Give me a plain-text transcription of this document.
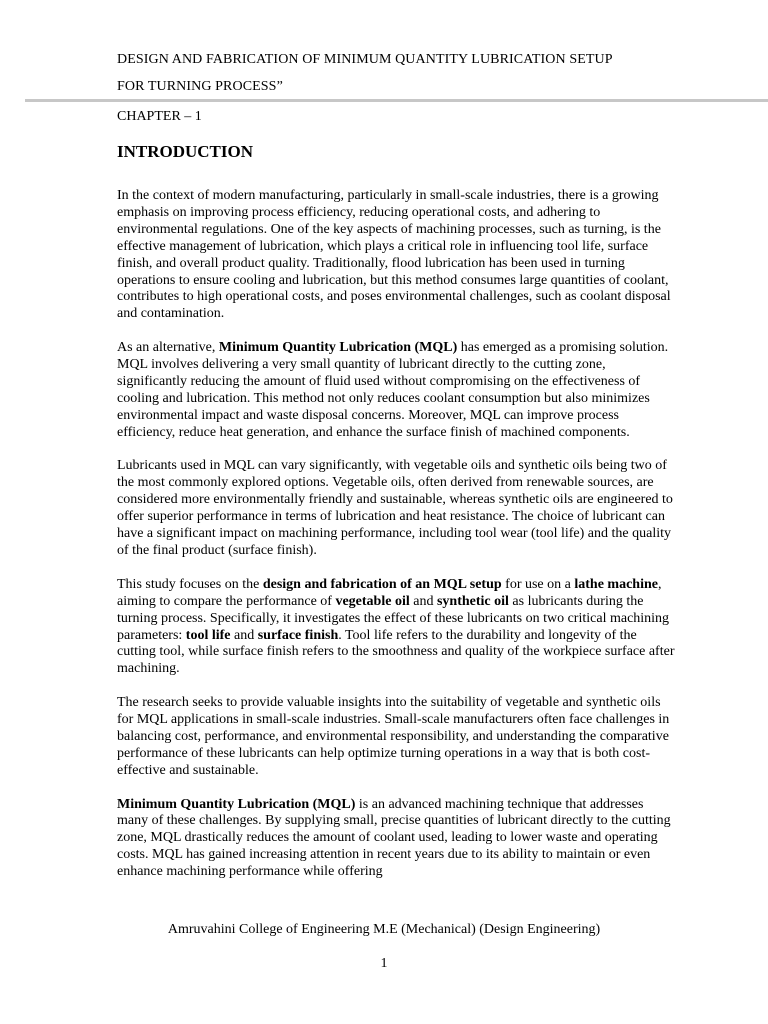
DESIGN AND FABRICATION OF MINIMUM QUANTITY LUBRICATION SETUP
FOR TURNING PROCESS”
CHAPTER – 1
INTRODUCTION

In the context of modern manufacturing, particularly in small-scale industries, there is a growing emphasis on improving process efficiency, reducing operational costs, and adhering to environmental regulations. One of the key aspects of machining processes, such as turning, is the effective management of lubrication, which plays a critical role in influencing tool life, surface finish, and overall product quality. Traditionally, flood lubrication has been used in turning operations to ensure cooling and lubrication, but this method consumes large quantities of coolant, contributes to high operational costs, and poses environmental challenges, such as coolant disposal and contamination.

As an alternative, Minimum Quantity Lubrication (MQL) has emerged as a promising solution. MQL involves delivering a very small quantity of lubricant directly to the cutting zone, significantly reducing the amount of fluid used without compromising on the effectiveness of cooling and lubrication. This method not only reduces coolant consumption but also minimizes environmental impact and waste disposal concerns. Moreover, MQL can improve process efficiency, reduce heat generation, and enhance the surface finish of machined components.

Lubricants used in MQL can vary significantly, with vegetable oils and synthetic oils being two of the most commonly explored options. Vegetable oils, often derived from renewable sources, are considered more environmentally friendly and sustainable, whereas synthetic oils are engineered to offer superior performance in terms of lubrication and heat resistance. The choice of lubricant can have a significant impact on machining performance, including tool wear (tool life) and the quality of the final product (surface finish).

This study focuses on the design and fabrication of an MQL setup for use on a lathe machine, aiming to compare the performance of vegetable oil and synthetic oil as lubricants during the turning process. Specifically, it investigates the effect of these lubricants on two critical machining parameters: tool life and surface finish. Tool life refers to the durability and longevity of the cutting tool, while surface finish refers to the smoothness and quality of the workpiece surface after machining.

The research seeks to provide valuable insights into the suitability of vegetable and synthetic oils for MQL applications in small-scale industries. Small-scale manufacturers often face challenges in balancing cost, performance, and environmental responsibility, and understanding the comparative performance of these lubricants can help optimize turning operations in a way that is both cost-effective and sustainable.

Minimum Quantity Lubrication (MQL) is an advanced machining technique that addresses many of these challenges. By supplying small, precise quantities of lubricant directly to the cutting zone, MQL drastically reduces the amount of coolant used, leading to lower waste and operating costs. MQL has gained increasing attention in recent years due to its ability to maintain or even enhance machining performance while offering

Amruvahini College of Engineering M.E (Mechanical) (Design Engineering)
1
